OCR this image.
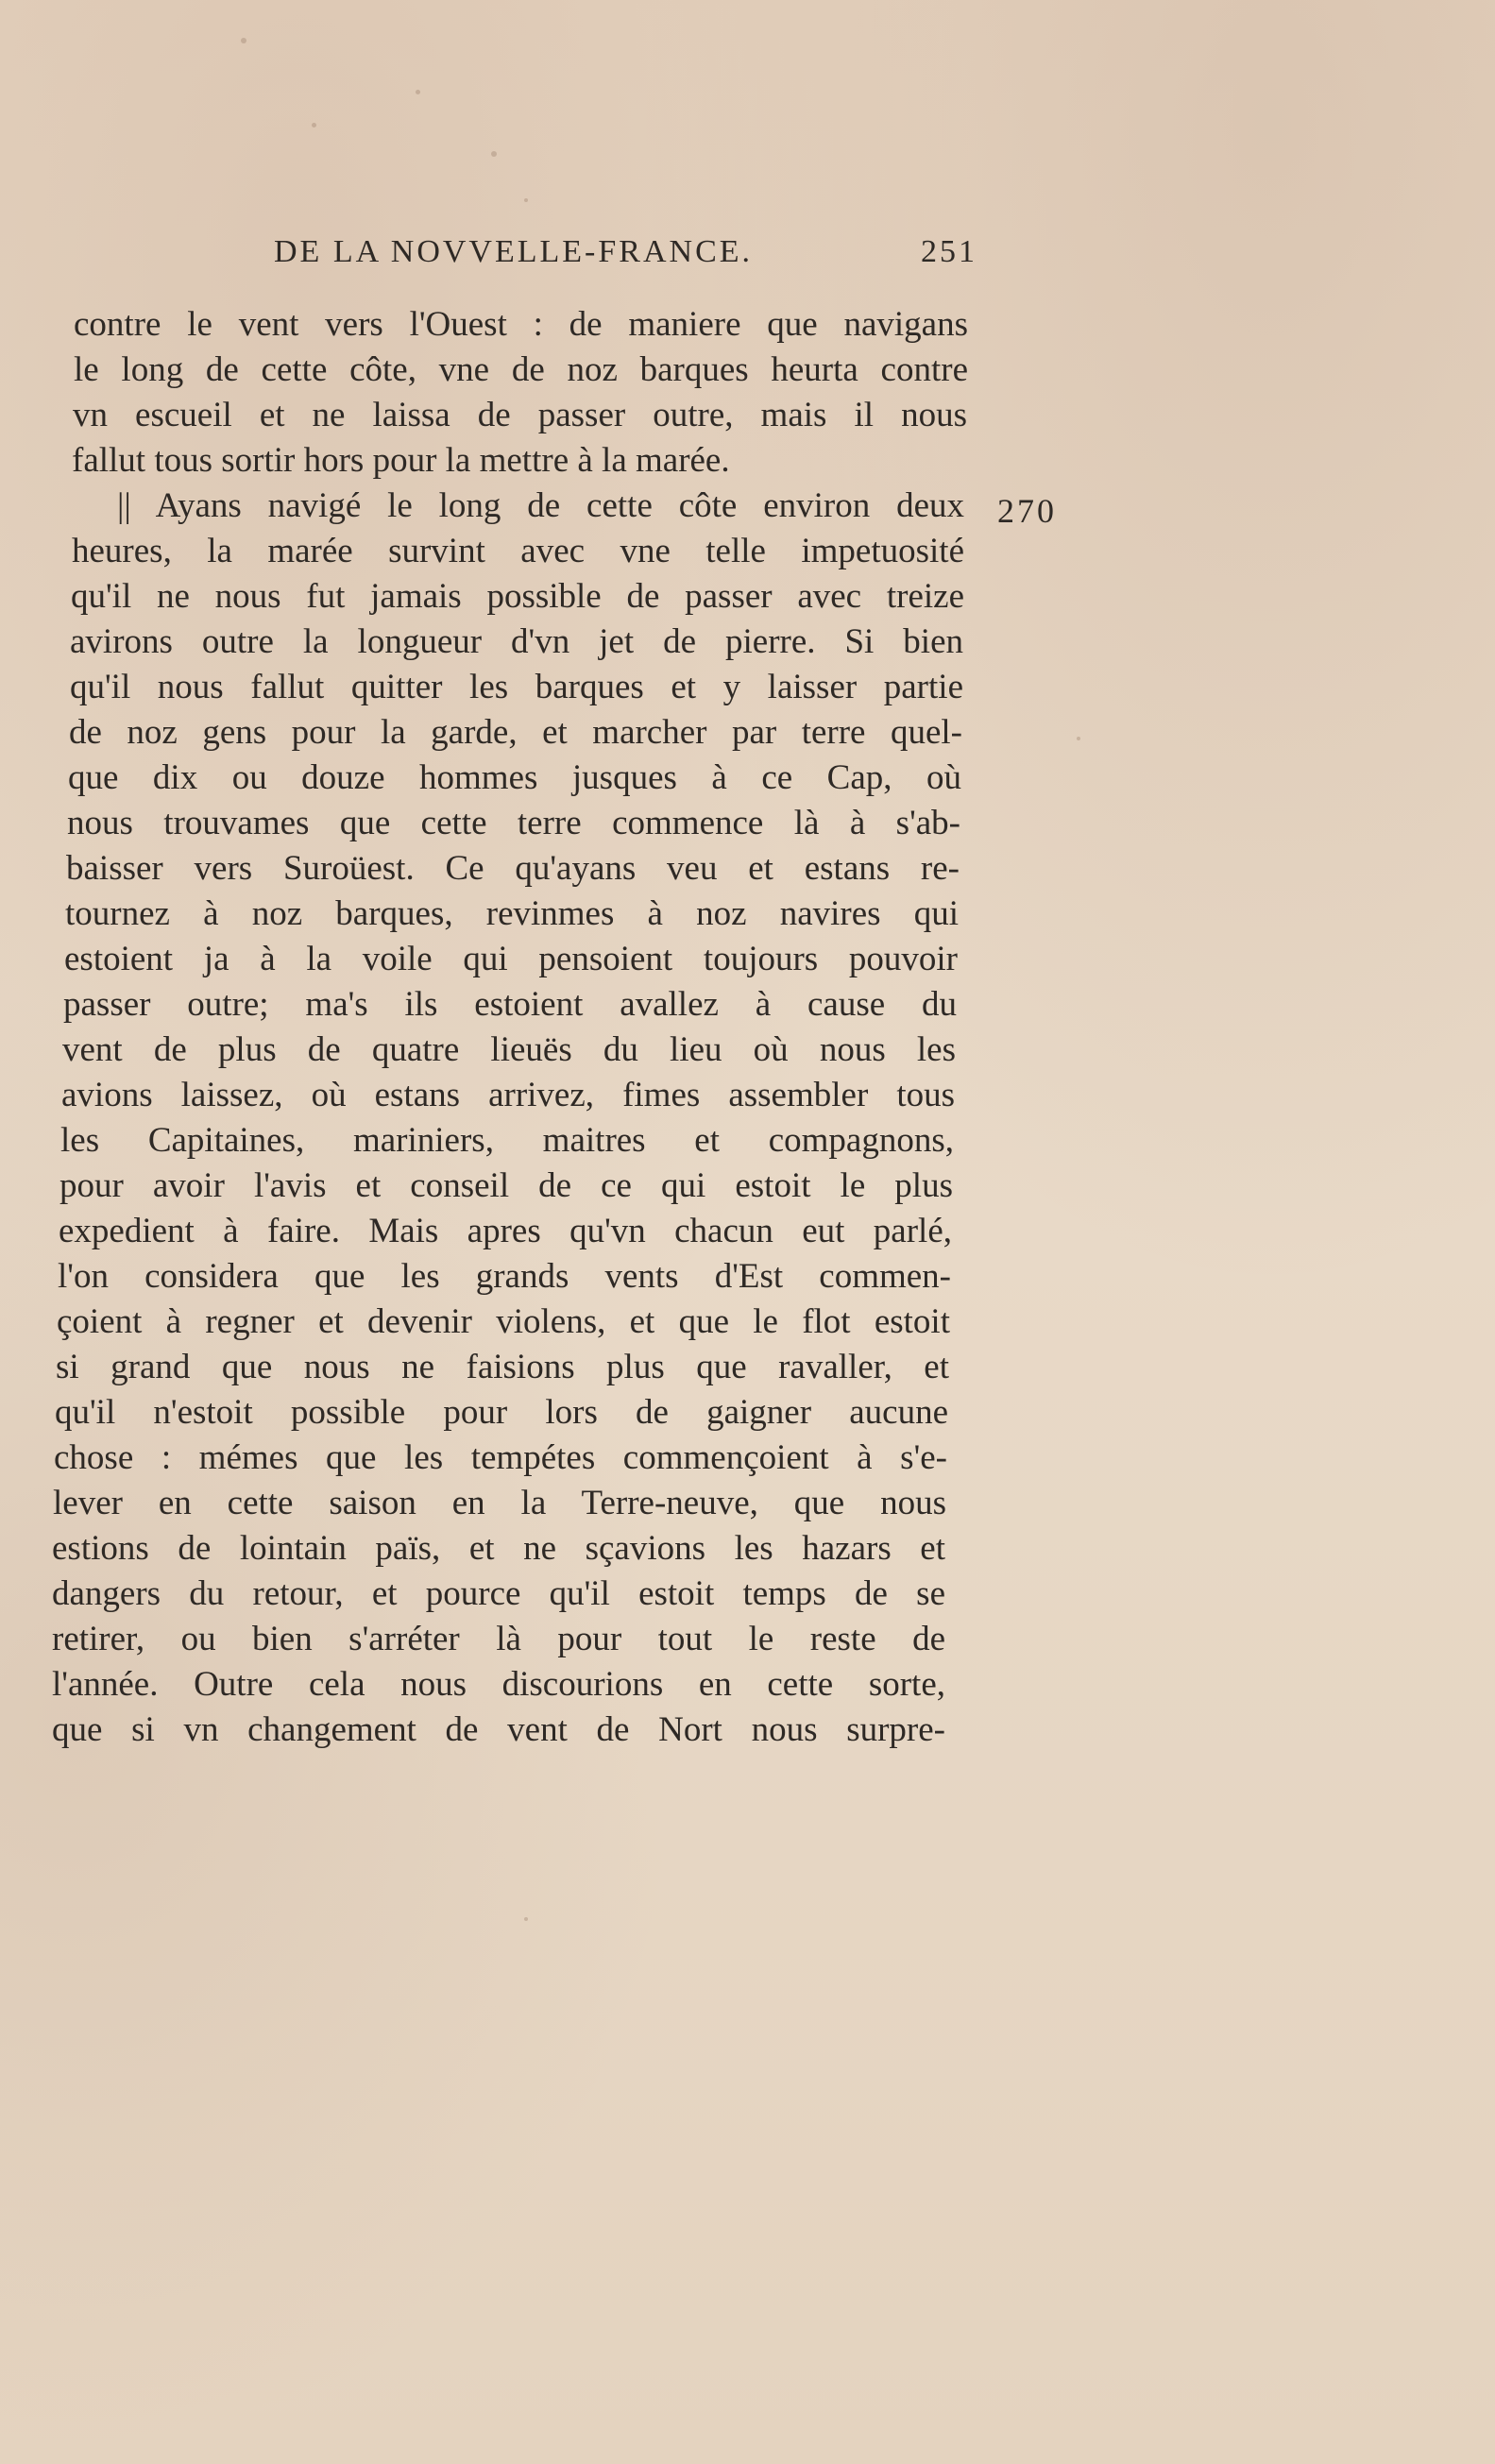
DE LA NOVVELLE-FRANCE.	251
270
contre le vent vers l'Ouest : de maniere que navigans
le long de cette côte, vne de noz barques heurta contre
vn escueil et ne laissa de passer outre, mais il nous
fallut tous sortir hors pour la mettre à la marée.
|| Ayans navigé le long de cette côte environ deux
heures, la marée survint avec vne telle impetuosité
qu'il ne nous fut jamais possible de passer avec treize
avirons outre la longueur d'vn jet de pierre. Si bien
qu'il nous fallut quitter les barques et y laisser partie
de noz gens pour la garde, et marcher par terre quel-
que dix ou douze hommes jusques à ce Cap, où
nous trouvames que cette terre commence là à s'ab-
baisser vers Suroüest. Ce qu'ayans veu et estans re-
tournez à noz barques, revinmes à noz navires qui
estoient ja à la voile qui pensoient toujours pouvoir
passer outre; ma's ils estoient avallez à cause du
vent de plus de quatre lieuës du lieu où nous les
avions laissez, où estans arrivez, fimes assembler tous
les Capitaines, mariniers, maitres et compagnons,
pour avoir l'avis et conseil de ce qui estoit le plus
expedient à faire. Mais apres qu'vn chacun eut parlé,
l'on considera que les grands vents d'Est commen-
çoient à regner et devenir violens, et que le flot estoit
si grand que nous ne faisions plus que ravaller, et
qu'il n'estoit possible pour lors de gaigner aucune
chose : mémes que les tempétes commençoient à s'e-
lever en cette saison en la Terre-neuve, que nous
estions de lointain païs, et ne sçavions les hazars et
dangers du retour, et pource qu'il estoit temps de se
retirer, ou bien s'arréter là pour tout le reste de
l'année. Outre cela nous discourions en cette sorte,
que si vn changement de vent de Nort nous surpre-
